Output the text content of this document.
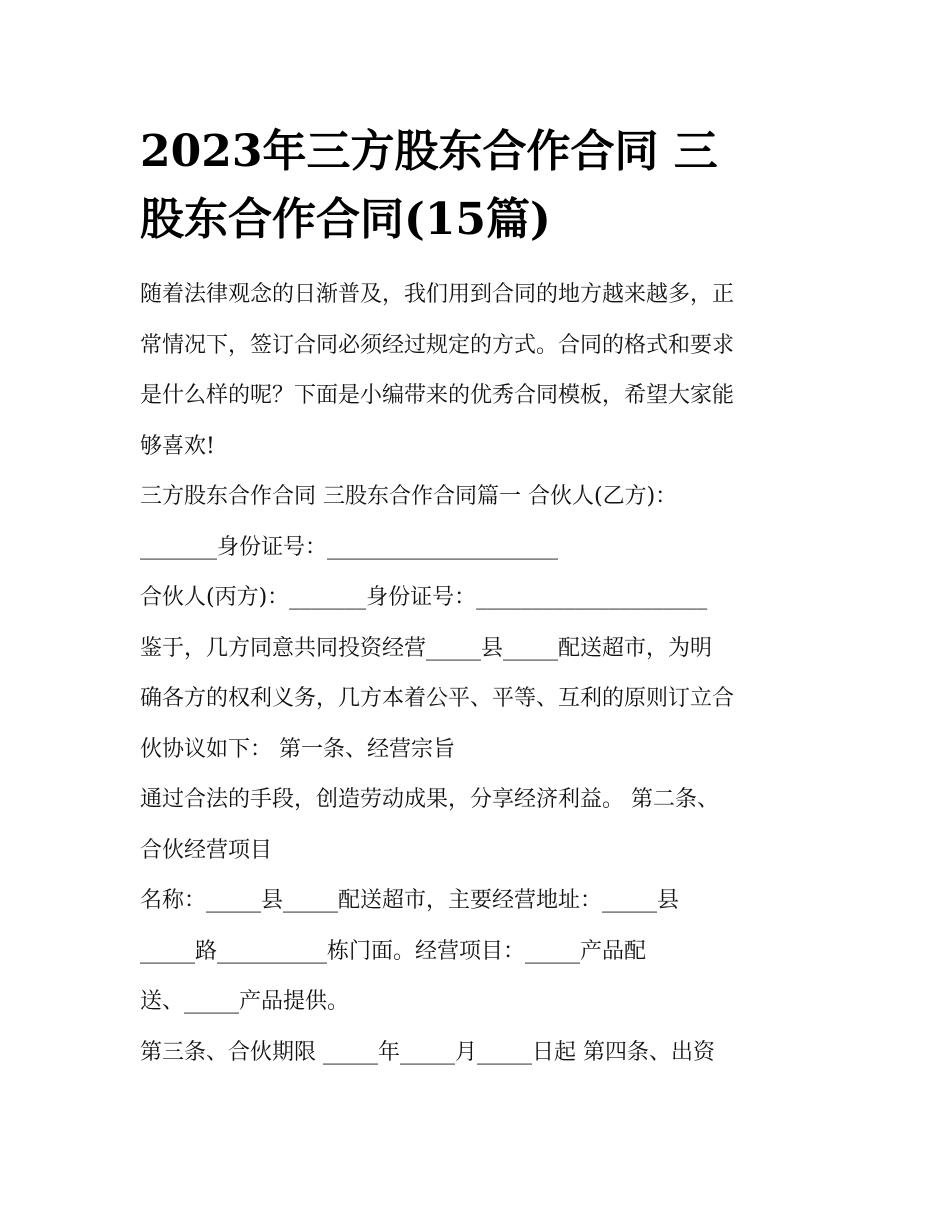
2023年三方股东合作合同 三
股东合作合同(15篇)

随着法律观念的日渐普及，我们用到合同的地方越来越多，正

常情况下，签订合同必须经过规定的方式。合同的格式和要求

是什么样的呢？下面是小编带来的优秀合同模板，希望大家能

够喜欢!

三方股东合作合同 三股东合作合同篇一 合伙人(乙方)：

_______身份证号：_____________________

合伙人(丙方)：_______身份证号：_____________________

鉴于，几方同意共同投资经营_____县_____配送超市，为明

确各方的权利义务，几方本着公平、平等、互利的原则订立合

伙协议如下： 第一条、经营宗旨

通过合法的手段，创造劳动成果，分享经济利益。 第二条、

合伙经营项目

名称：_____县_____配送超市，主要经营地址：_____县

_____路__________栋门面。经营项目：_____产品配

送、_____产品提供。

第三条、合伙期限 _____年_____月_____日起 第四条、出资
